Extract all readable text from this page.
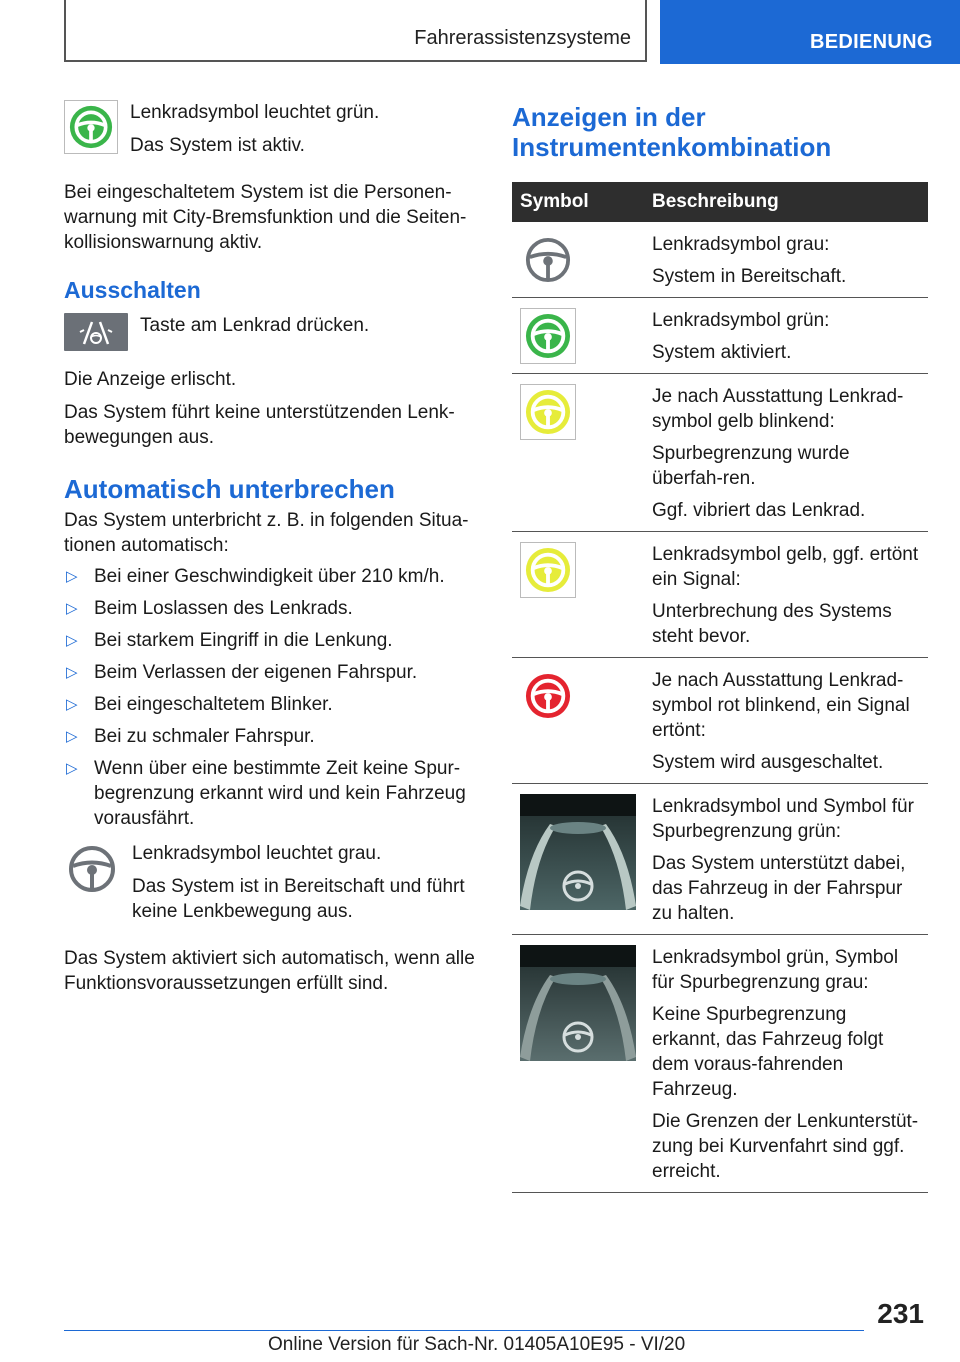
Fahrerassistenzsysteme	BEDIENUNG

Lenkradsymbol leuchtet grün.

Das System ist aktiv.

Bei eingeschaltetem System ist die Personen-warnung mit City-Bremsfunktion und die Seiten-kollisionswarnung aktiv.

Ausschalten

Taste am Lenkrad drücken.

Die Anzeige erlischt.

Das System führt keine unterstützenden Lenk-bewegungen aus.

Automatisch unterbrechen

Das System unterbricht z. B. in folgenden Situa-tionen automatisch:

▷ Bei einer Geschwindigkeit über 210 km/h.
▷ Beim Loslassen des Lenkrads.
▷ Bei starkem Eingriff in die Lenkung.
▷ Beim Verlassen der eigenen Fahrspur.
▷ Bei eingeschaltetem Blinker.
▷ Bei zu schmaler Fahrspur.
▷ Wenn über eine bestimmte Zeit keine Spur-begrenzung erkannt wird und kein Fahrzeug vorausfährt.

Lenkradsymbol leuchtet grau.

Das System ist in Bereitschaft und führt keine Lenkbewegung aus.

Das System aktiviert sich automatisch, wenn alle Funktionsvoraussetzungen erfüllt sind.

Anzeigen in der Instrumentenkombination
Symbol	Beschreibung

Lenkradsymbol grau:

System in Bereitschaft.

Lenkradsymbol grün:

System aktiviert.

Je nach Ausstattung Lenkrad-symbol gelb blinkend:

Spurbegrenzung wurde überfah-ren.

Ggf. vibriert das Lenkrad.

Lenkradsymbol gelb, ggf. ertönt ein Signal:

Unterbrechung des Systems steht bevor.

Je nach Ausstattung Lenkrad-symbol rot blinkend, ein Signal ertönt:

System wird ausgeschaltet.

Lenkradsymbol und Symbol für Spurbegrenzung grün:

Das System unterstützt dabei, das Fahrzeug in der Fahrspur zu halten.

Lenkradsymbol grün, Symbol für Spurbegrenzung grau:

Keine Spurbegrenzung erkannt, das Fahrzeug folgt dem voraus-fahrenden Fahrzeug.

Die Grenzen der Lenkunterstüt-zung bei Kurvenfahrt sind ggf. erreicht.

231
Online Version für Sach-Nr. 01405A10E95 - VI/20
